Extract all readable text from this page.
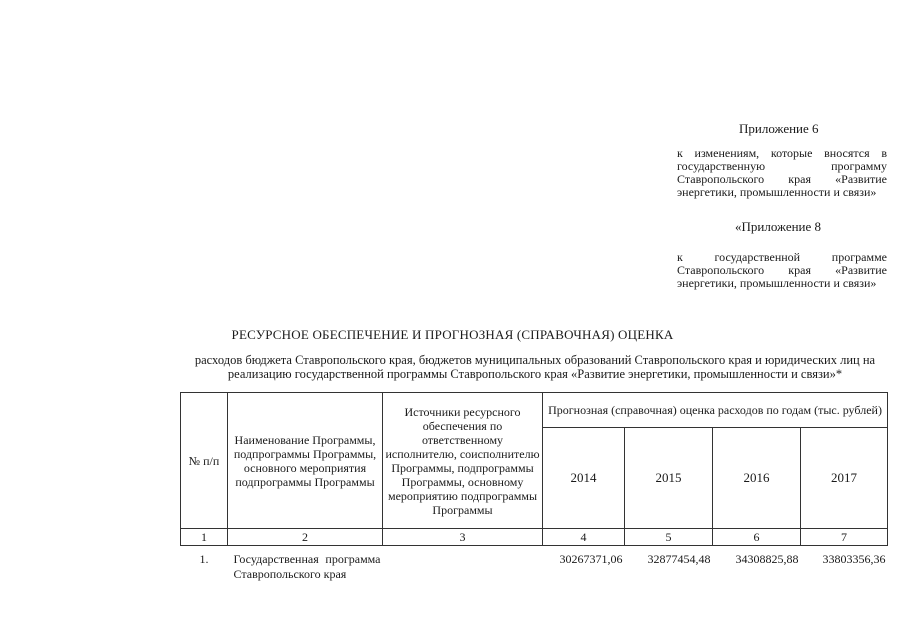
Приложение 6
к изменениям, которые вносятся в государственную программу Ставропольского края «Развитие энергетики, промышленности и связи»
«Приложение 8
к государственной программе Ставропольского края «Развитие энергетики, промышленности и связи»
РЕСУРСНОЕ ОБЕСПЕЧЕНИЕ И ПРОГНОЗНАЯ (СПРАВОЧНАЯ) ОЦЕНКА
расходов бюджета Ставропольского края, бюджетов муниципальных образований Ставропольского края и юридических лиц на реализацию государственной программы Ставропольского края «Развитие энергетики, промышленности и связи»*
№ п/п	Наименование Программы, подпрограммы Программы, основного мероприятия подпрограммы Программы	Источники ресурсного обеспечения по ответственному исполнителю, соисполнителю Программы, подпрограммы Программы, основному мероприятию подпрограммы Программы	Прогнозная (справочная) оценка расходов по годам (тыс. рублей)			
			2014	2015	2016	2017
1	2	3	4	5	6	7
1.	Государственная программа Ставропольского края		30267371,06	32877454,48	34308825,88	33803356,36
